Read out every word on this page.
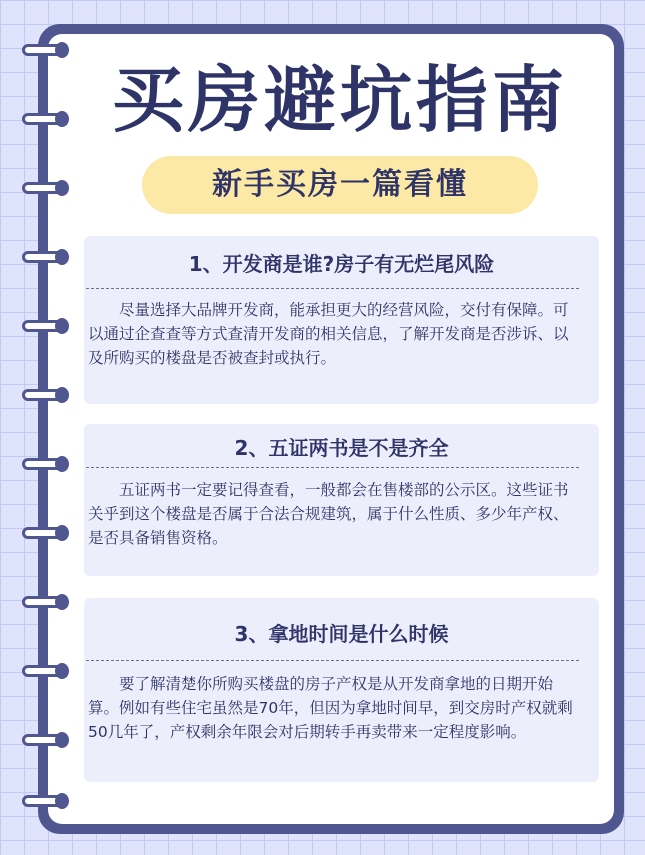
买房避坑指南
新手买房一篇看懂
1、开发商是谁?房子有无烂尾风险

尽量选择大品牌开发商，能承担更大的经营风险，交付有保障。可以通过企查查等方式查清开发商的相关信息，了解开发商是否涉诉、以及所购买的楼盘是否被查封或执行。

2、五证两书是不是齐全

五证两书一定要记得查看，一般都会在售楼部的公示区。这些证书关乎到这个楼盘是否属于合法合规建筑，属于什么性质、多少年产权、是否具备销售资格。

3、拿地时间是什么时候

要了解清楚你所购买楼盘的房子产权是从开发商拿地的日期开始算。例如有些住宅虽然是70年，但因为拿地时间早，到交房时产权就剩50几年了，产权剩余年限会对后期转手再卖带来一定程度影响。
